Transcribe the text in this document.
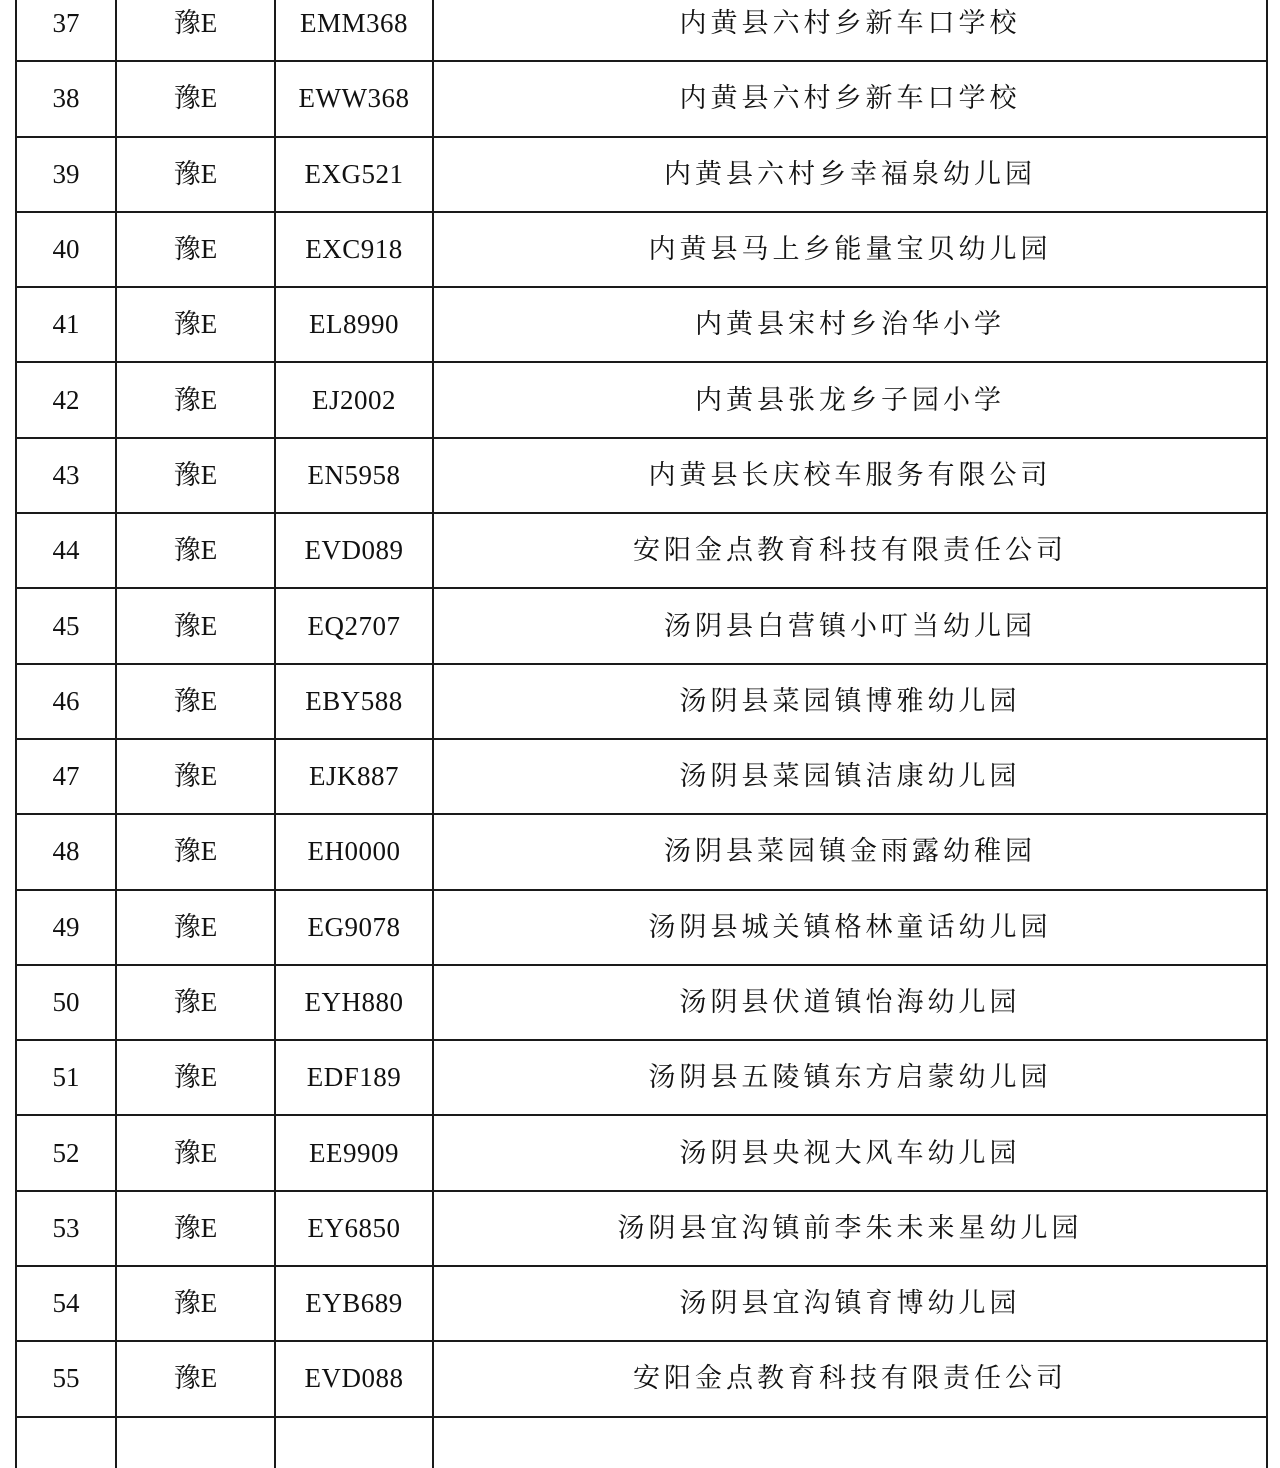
37	豫E	EMM368	内黄县六村乡新车口学校
38	豫E	EWW368	内黄县六村乡新车口学校
39	豫E	EXG521	内黄县六村乡幸福泉幼儿园
40	豫E	EXC918	内黄县马上乡能量宝贝幼儿园
41	豫E	EL8990	内黄县宋村乡治华小学
42	豫E	EJ2002	内黄县张龙乡子园小学
43	豫E	EN5958	内黄县长庆校车服务有限公司
44	豫E	EVD089	安阳金点教育科技有限责任公司
45	豫E	EQ2707	汤阴县白营镇小叮当幼儿园
46	豫E	EBY588	汤阴县菜园镇博雅幼儿园
47	豫E	EJK887	汤阴县菜园镇洁康幼儿园
48	豫E	EH0000	汤阴县菜园镇金雨露幼稚园
49	豫E	EG9078	汤阴县城关镇格林童话幼儿园
50	豫E	EYH880	汤阴县伏道镇怡海幼儿园
51	豫E	EDF189	汤阴县五陵镇东方启蒙幼儿园
52	豫E	EE9909	汤阴县央视大风车幼儿园
53	豫E	EY6850	汤阴县宜沟镇前李朱未来星幼儿园
54	豫E	EYB689	汤阴县宜沟镇育博幼儿园
55	豫E	EVD088	安阳金点教育科技有限责任公司
